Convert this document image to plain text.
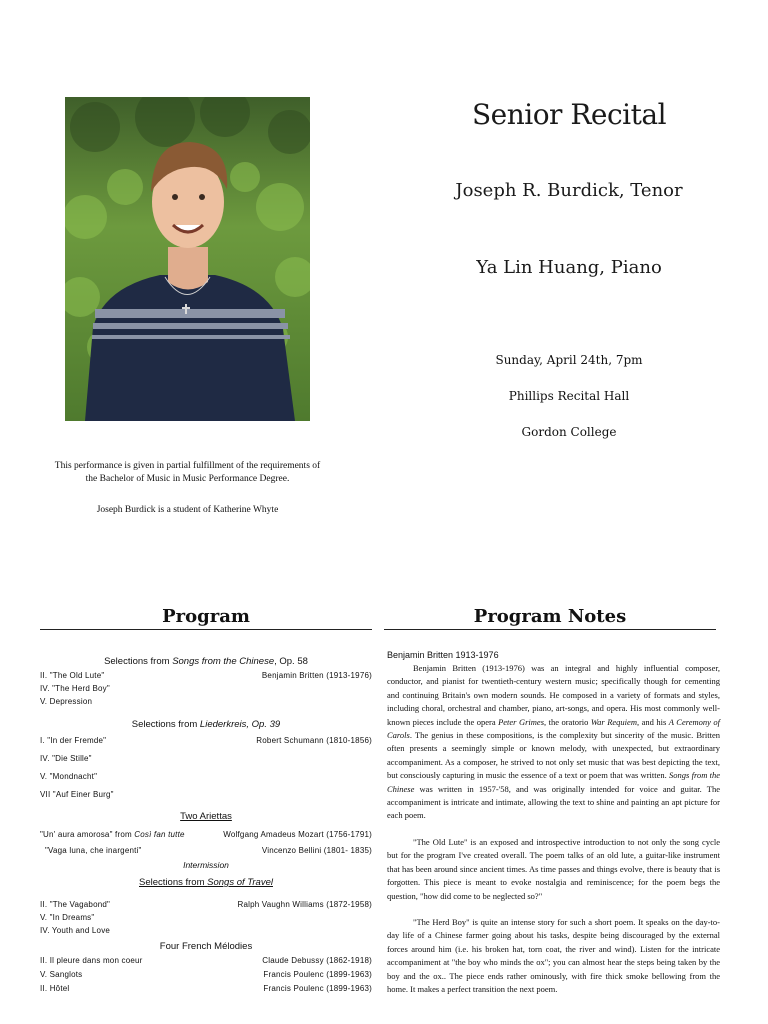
Senior Recital
Joseph R. Burdick, Tenor
Ya Lin Huang, Piano
Sunday, April 24th, 7pm
Phillips Recital Hall
Gordon College
This performance is given in partial fulfillment of the requirements of
the Bachelor of Music in Music Performance Degree.
Joseph Burdick is a student of Katherine Whyte
Program
Selections from Songs from the Chinese, Op. 58
II. "The Old Lute"	Benjamin Britten (1913-1976)
IV. "The Herd Boy"
V. Depression
Selections from Liederkreis, Op. 39
I. "In der Fremde"	Robert Schumann (1810-1856)
IV. "Die Stille"
V. "Mondnacht"
VII "Auf Einer Burg"
Two Ariettas
"Un' aura amorosa" from Così fan tutte	Wolfgang Amadeus Mozart (1756-1791)
"Vaga luna, che inargenti"	Vincenzo Bellini (1801- 1835)
Intermission
Selections from Songs of Travel
II. "The Vagabond"	Ralph Vaughn Williams (1872-1958)
V. "In Dreams"
IV. Youth and Love
Four French Mélodies
II. Il pleure dans mon coeur	Claude Debussy (1862-1918)
V. Sanglots	Francis Poulenc (1899-1963)
II. Hôtel	Francis Poulenc (1899-1963)
Program Notes
Benjamin Britten 1913-1976

Benjamin Britten (1913-1976) was an integral and highly influential composer, conductor, and pianist for twentieth-century western music; specifically though for cementing and continuing Britain's own modern sounds. He composed in a variety of formats and styles, including choral, orchestral and chamber, piano, art-songs, and opera. His most commonly well-known pieces include the opera Peter Grimes, the oratorio War Requiem, and his A Ceremony of Carols. The genius in these compositions, is the complexity but sincerity of the music. Britten often presents a seemingly simple or known melody, with unexpected, but extraordinary accompaniment. As a composer, he strived to not only set music that was best depicting the text, but consciously capturing in music the essence of a text or poem that was written. Songs from the Chinese was written in 1957-'58, and was originally intended for voice and guitar. The accompaniment is intricate and intimate, allowing the text to shine and painting an apt picture for each poem.

"The Old Lute" is an exposed and introspective introduction to not only the song cycle but for the program I've created overall. The poem talks of an old lute, a guitar-like instrument that has been around since ancient times. As time passes and things evolve, there is beauty that is forgotten. This piece is meant to evoke nostalgia and reminiscence; for the poem begs the question, "how did come to be neglected so?"

"The Herd Boy" is quite an intense story for such a short poem. It speaks on the day-to-day life of a Chinese farmer going about his tasks, despite being discouraged by the external forces around him (i.e. his broken hat, torn coat, the river and wind). Listen for the intricate accompaniment at "the boy who minds the ox"; you can almost hear the steps being taken by the boy and the ox.. The piece ends rather ominously, with fire thick smoke bellowing from the home. It makes a perfect transition the next poem.
